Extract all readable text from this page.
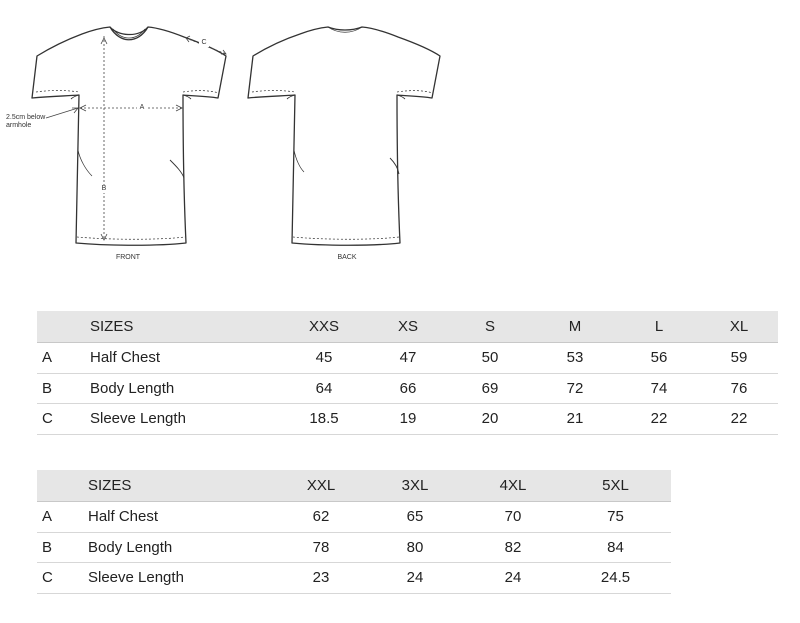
A
B
C
2.5cm below armhole
FRONT	BACK
	SIZES	XXS	XS	S	M	L	XL
A	Half Chest	45	47	50	53	56	59
B	Body Length	64	66	69	72	74	76
C	Sleeve Length	18.5	19	20	21	22	22
	SIZES	XXL	3XL	4XL	5XL
A	Half Chest	62	65	70	75
B	Body Length	78	80	82	84
C	Sleeve Length	23	24	24	24.5
